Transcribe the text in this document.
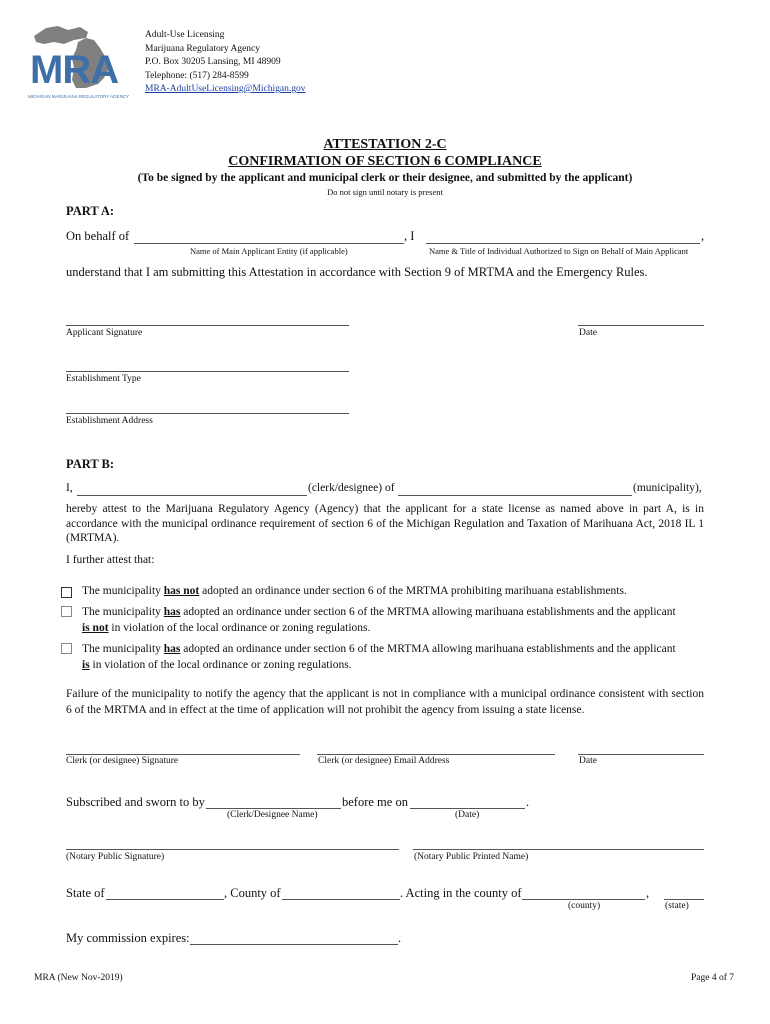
MRA
MICHIGAN MARIJUANA REGULATORY AGENCY
Adult-Use Licensing
Marijuana Regulatory Agency
P.O. Box 30205 Lansing, MI 48909
Telephone: (517) 284-8599
MRA-AdultUseLicensing@Michigan.gov
ATTESTATION 2-C
CONFIRMATION OF SECTION 6 COMPLIANCE
(To be signed by the applicant and municipal clerk or their designee, and submitted by the applicant)
Do not sign until notary is present
PART A:
On behalf of	, I	,
Name of Main Applicant Entity (if applicable)	Name & Title of Individual Authorized to Sign on Behalf of Main Applicant
understand that I am submitting this Attestation in accordance with Section 9 of MRTMA and the Emergency Rules.
Applicant Signature	Date
Establishment Type
Establishment Address
PART B:
I,	(clerk/designee) of	(municipality),
hereby attest to the Marijuana Regulatory Agency (Agency) that the applicant for a state license as named above in part A, is in accordance with the municipal ordinance requirement of section 6 of the Michigan Regulation and Taxation of Marihuana Act, 2018 IL 1 (MRTMA).
I further attest that:
The municipality has not adopted an ordinance under section 6 of the MRTMA prohibiting marihuana establishments.
The municipality has adopted an ordinance under section 6 of the MRTMA allowing marihuana establishments and the applicant
is not in violation of the local ordinance or zoning regulations.
The municipality has adopted an ordinance under section 6 of the MRTMA allowing marihuana establishments and the applicant
is in violation of the local ordinance or zoning regulations.
Failure of the municipality to notify the agency that the applicant is not in compliance with a municipal ordinance consistent with section 6 of the MRTMA and in effect at the time of application will not prohibit the agency from issuing a state license.
Clerk (or designee) Signature	Clerk (or designee) Email Address	Date
Subscribed and sworn to by	before me on	.
(Clerk/Designee Name)	(Date)
(Notary Public Signature)	(Notary Public Printed Name)
State of	, County of	. Acting in the county of	,
(county)	(state)
My commission expires:	.
MRA (New Nov-2019)	Page 4 of 7
